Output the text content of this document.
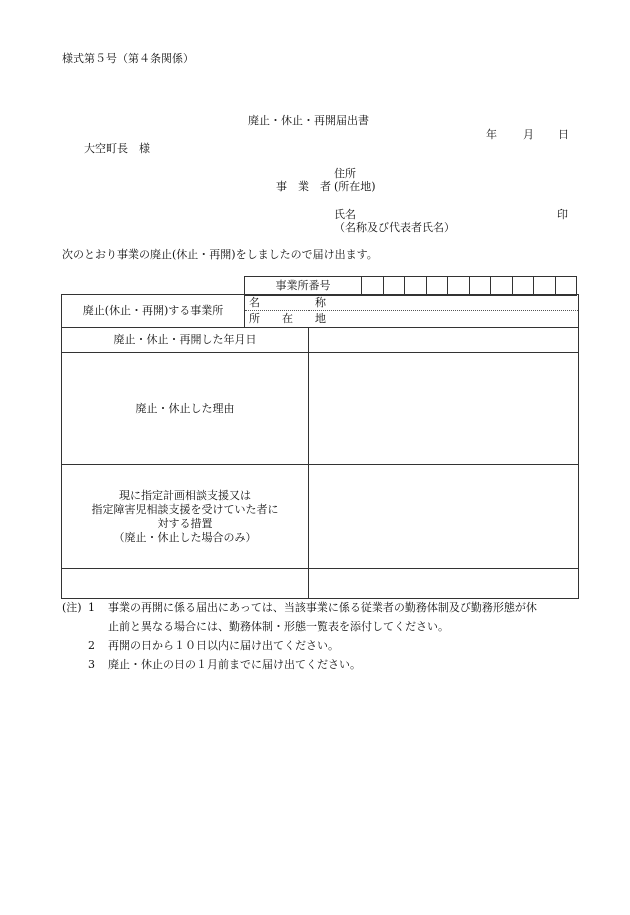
様式第５号（第４条関係）
廃止・休止・再開届出書
年 月 日
大空町長　様
住所
事　業　者 (所在地)
氏名	印
（名称及び代表者氏名）
次のとおり事業の廃止(休止・再開)をしましたので届け出ます。
事業所番号										
廃止(休止・再開)する事業所	名　　　　　称	
	所　　在　　地	
廃止・休止・再開した年月日		
廃止・休止した理由		

現に指定計画相談支援又は
指定障害児相談支援を受けていた者に
対する措置
（廃止・休止した場合のみ）		

(注) 1 事業の再開に係る届出にあっては、当該事業に係る従業者の勤務体制及び勤務形態が休
止前と異なる場合には、勤務体制・形態一覧表を添付してください。
2 再開の日から１０日以内に届け出てください。
3 廃止・休止の日の１月前までに届け出てください。
